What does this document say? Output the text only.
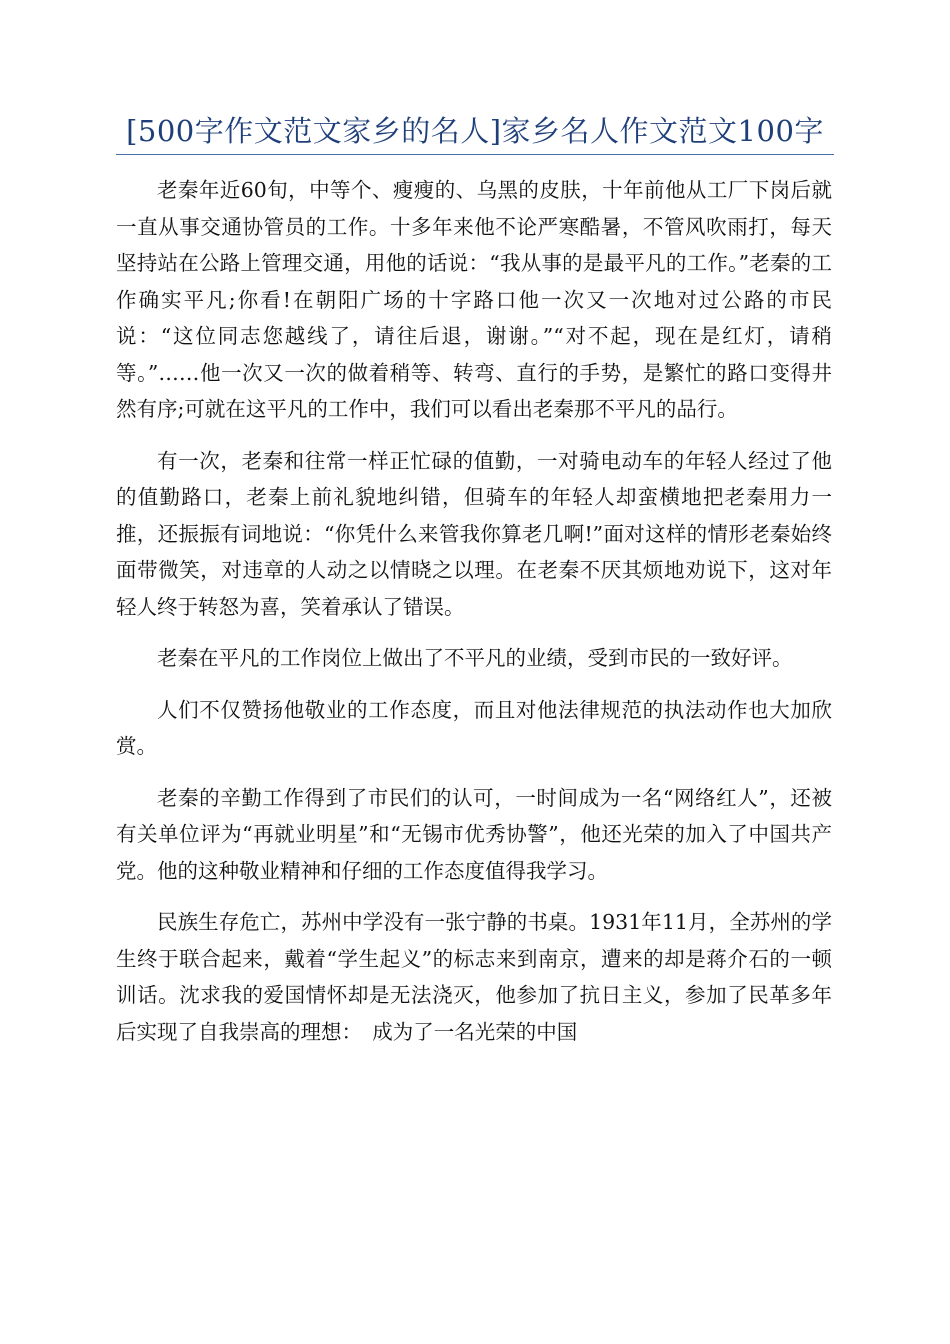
[500字作文范文家乡的名人]家乡名人作文范文100字

老秦年近60旬，中等个、瘦瘦的、乌黑的皮肤，十年前他从工厂下岗后就一直从事交通协管员的工作。十多年来他不论严寒酷暑，不管风吹雨打，每天坚持站在公路上管理交通，用他的话说：“我从事的是最平凡的工作。”老秦的工作确实平凡;你看!在朝阳广场的十字路口他一次又一次地对过公路的市民说：“这位同志您越线了，请往后退，谢谢。”“对不起，现在是红灯，请稍等。”……他一次又一次的做着稍等、转弯、直行的手势，是繁忙的路口变得井然有序;可就在这平凡的工作中，我们可以看出老秦那不平凡的品行。

有一次，老秦和往常一样正忙碌的值勤，一对骑电动车的年轻人经过了他的值勤路口，老秦上前礼貌地纠错，但骑车的年轻人却蛮横地把老秦用力一推，还振振有词地说：“你凭什么来管我你算老几啊!”面对这样的情形老秦始终面带微笑，对违章的人动之以情晓之以理。在老秦不厌其烦地劝说下，这对年轻人终于转怒为喜，笑着承认了错误。

老秦在平凡的工作岗位上做出了不平凡的业绩，受到市民的一致好评。

人们不仅赞扬他敬业的工作态度，而且对他法律规范的执法动作也大加欣赏。

老秦的辛勤工作得到了市民们的认可，一时间成为一名“网络红人”，还被有关单位评为“再就业明星”和“无锡市优秀协警”，他还光荣的加入了中国共产党。他的这种敬业精神和仔细的工作态度值得我学习。

民族生存危亡，苏州中学没有一张宁静的书桌。1931年11月，全苏州的学生终于联合起来，戴着“学生起义”的标志来到南京，遭来的却是蒋介石的一顿训话。沈求我的爱国情怀却是无法浇灭，他参加了抗日主义，参加了民革多年后实现了自我崇高的理想：　成为了一名光荣的中国
